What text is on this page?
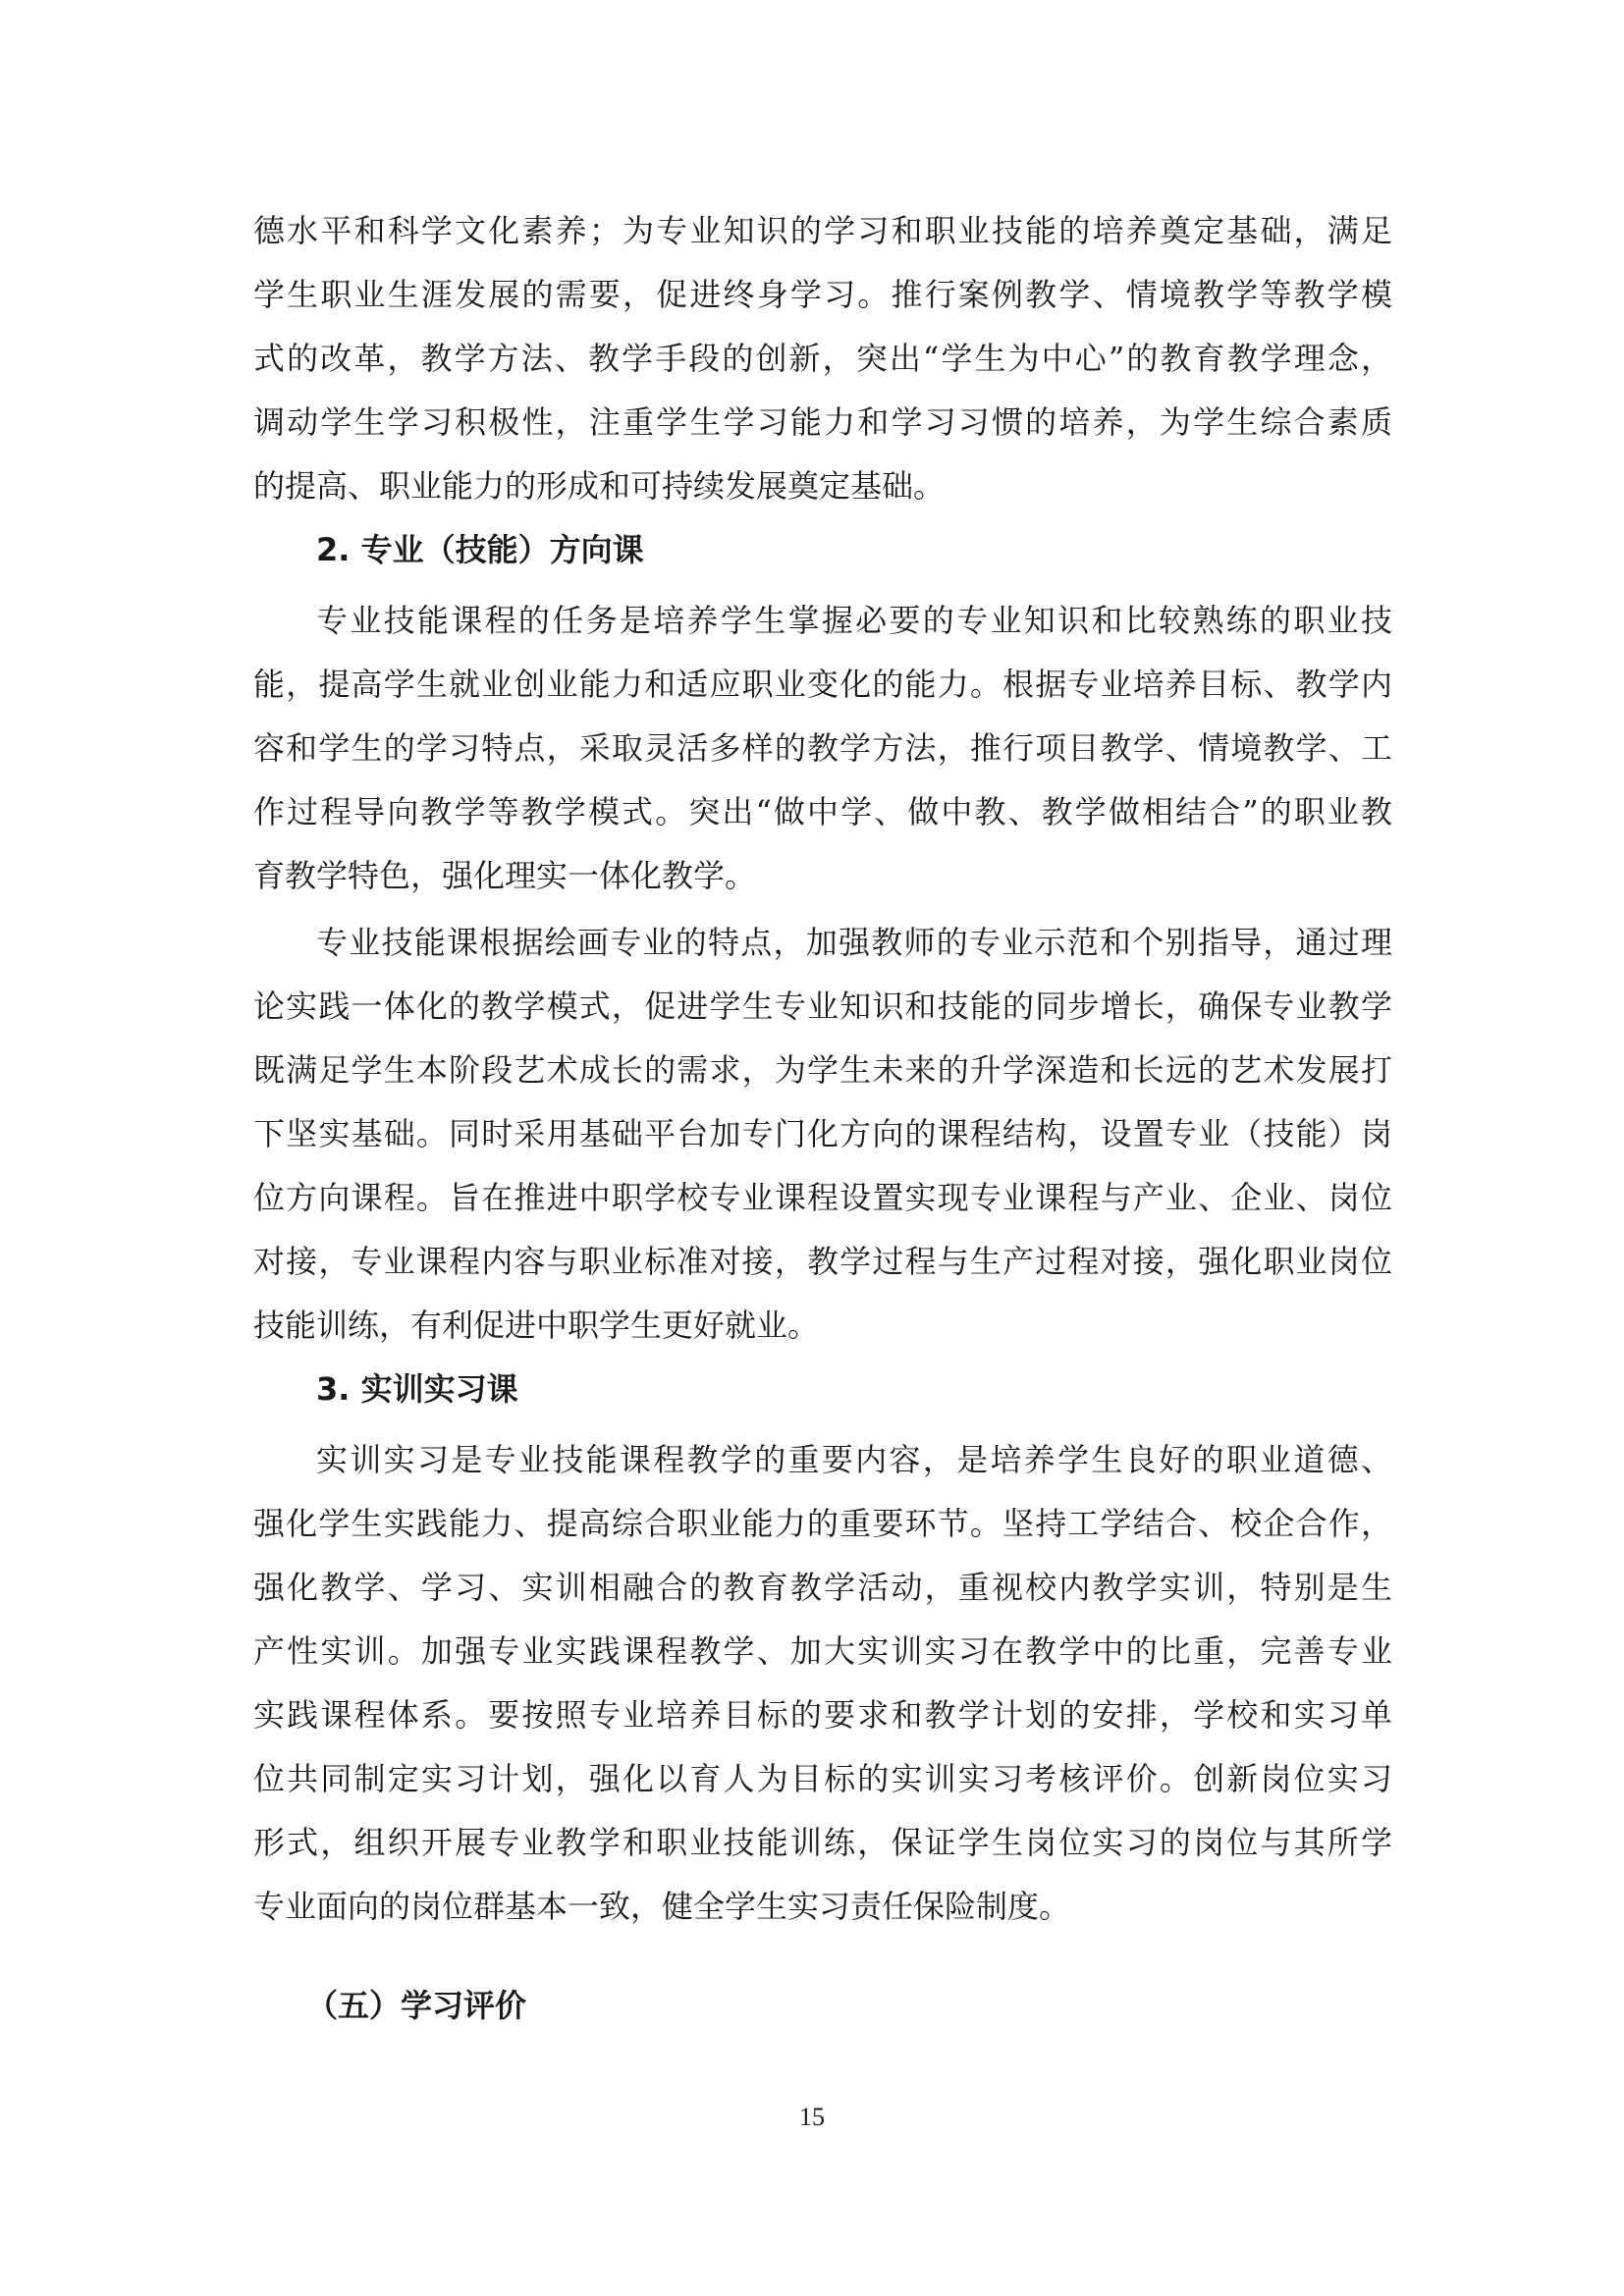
德水平和科学文化素养；为专业知识的学习和职业技能的培养奠定基础，满足
学生职业生涯发展的需要，促进终身学习。推行案例教学、情境教学等教学模
式的改革，教学方法、教学手段的创新，突出“学生为中心”的教育教学理念，
调动学生学习积极性，注重学生学习能力和学习习惯的培养，为学生综合素质
的提高、职业能力的形成和可持续发展奠定基础。
2. 专业（技能）方向课
专业技能课程的任务是培养学生掌握必要的专业知识和比较熟练的职业技
能，提高学生就业创业能力和适应职业变化的能力。根据专业培养目标、教学内
容和学生的学习特点，采取灵活多样的教学方法，推行项目教学、情境教学、工
作过程导向教学等教学模式。突出“做中学、做中教、教学做相结合”的职业教
育教学特色，强化理实一体化教学。
专业技能课根据绘画专业的特点，加强教师的专业示范和个别指导，通过理
论实践一体化的教学模式，促进学生专业知识和技能的同步增长，确保专业教学
既满足学生本阶段艺术成长的需求，为学生未来的升学深造和长远的艺术发展打
下坚实基础。同时采用基础平台加专门化方向的课程结构，设置专业（技能）岗
位方向课程。旨在推进中职学校专业课程设置实现专业课程与产业、企业、岗位
对接，专业课程内容与职业标准对接，教学过程与生产过程对接，强化职业岗位
技能训练，有利促进中职学生更好就业。
3. 实训实习课
实训实习是专业技能课程教学的重要内容，是培养学生良好的职业道德、
强化学生实践能力、提高综合职业能力的重要环节。坚持工学结合、校企合作，
强化教学、学习、实训相融合的教育教学活动，重视校内教学实训，特别是生
产性实训。加强专业实践课程教学、加大实训实习在教学中的比重，完善专业
实践课程体系。要按照专业培养目标的要求和教学计划的安排，学校和实习单
位共同制定实习计划，强化以育人为目标的实训实习考核评价。创新岗位实习
形式，组织开展专业教学和职业技能训练，保证学生岗位实习的岗位与其所学
专业面向的岗位群基本一致，健全学生实习责任保险制度。
（五）学习评价
15
